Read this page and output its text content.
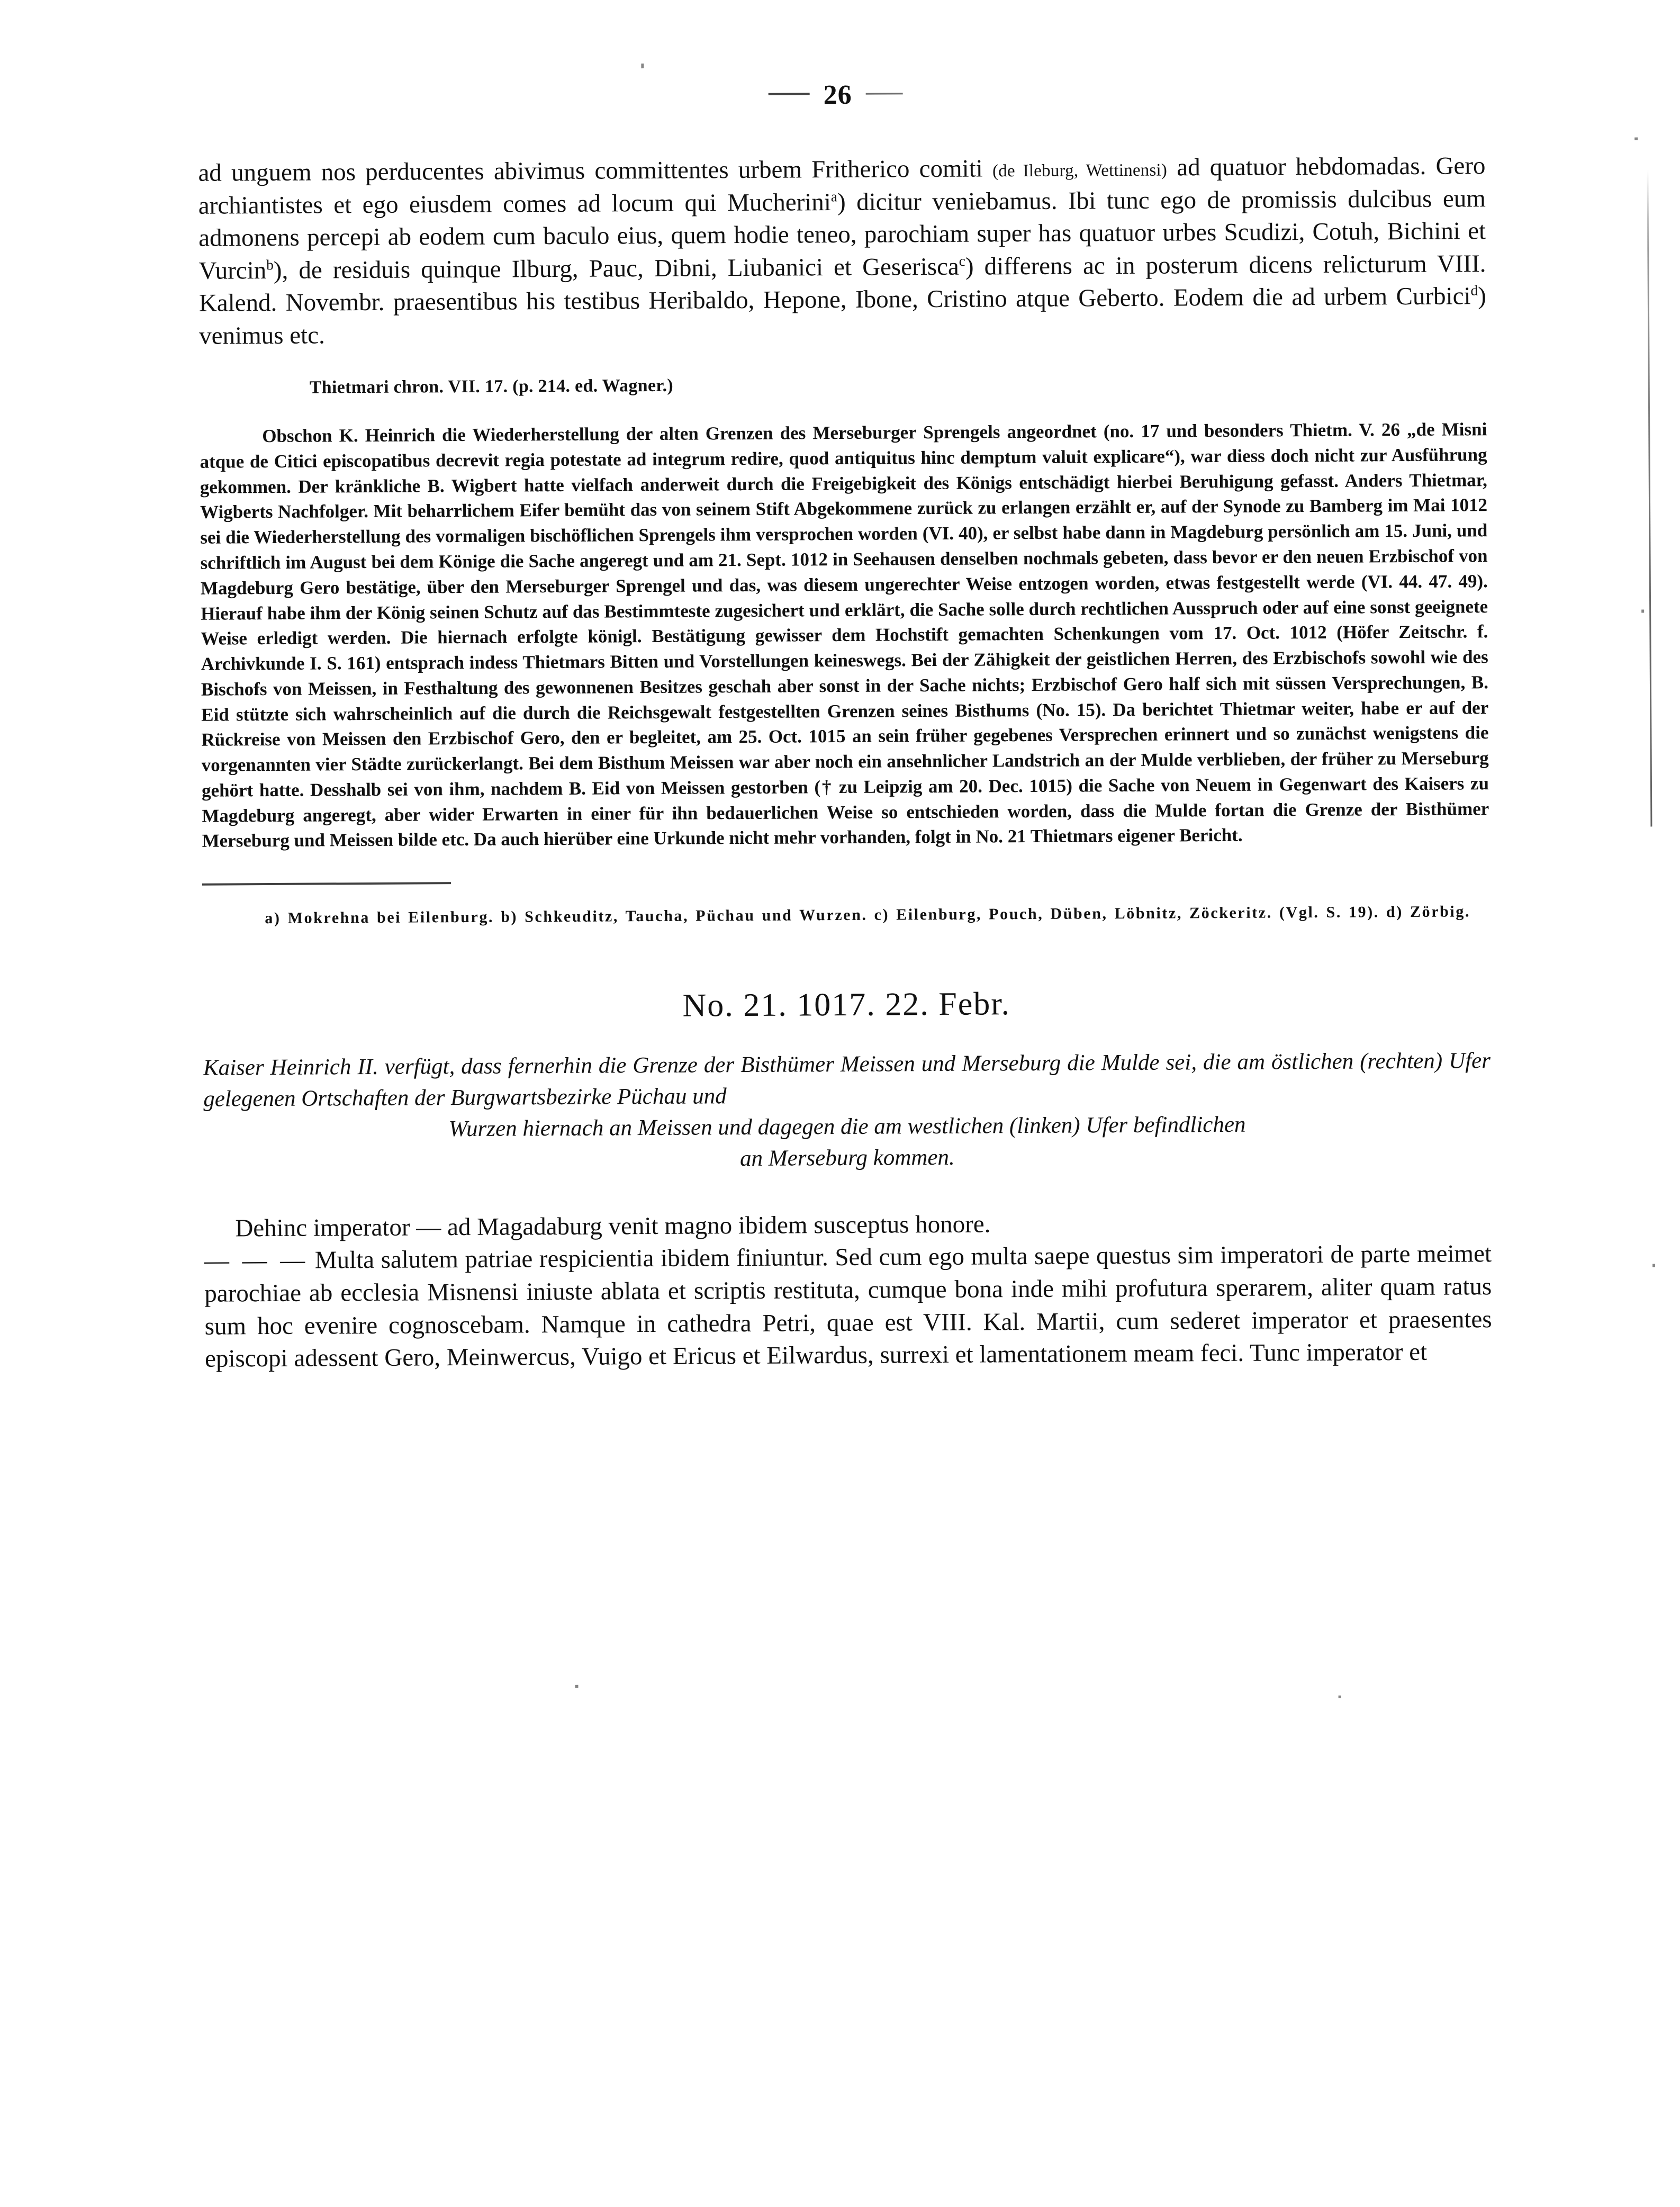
26

ad unguem nos perducentes abivimus committentes urbem Fritherico comiti (de Ileburg, Wettinensi) ad quatuor hebdomadas. Gero archiantistes et ego eiusdem comes ad locum qui Mucherini$^a$) dicitur veniebamus. Ibi tunc ego de promissis dulcibus eum admonens percepi ab eodem cum baculo eius, quem hodie teneo, parochiam super has quatuor urbes Scudizi, Cotuh, Bichini et Vurcin$^b$), de residuis quinque Ilburg, Pauc, Dibni, Liubanici et Geserisca$^c$) differens ac in posterum dicens relicturum VIII. Kalend. Novembr. praesentibus his testibus Heribaldo, Hepone, Ibone, Cristino atque Geberto. Eodem die ad urbem Curbici$^d$) venimus etc.

Thietmari chron. VII. 17. (p. 214. ed. Wagner.)

Obschon K. Heinrich die Wiederherstellung der alten Grenzen des Merseburger Sprengels angeordnet (no. 17 und besonders Thietm. V. 26 „de Misni atque de Citici episcopatibus decrevit regia potestate ad integrum redire, quod antiquitus hinc demptum valuit explicare“), war diess doch nicht zur Ausführung gekommen. Der kränkliche B. Wigbert hatte vielfach anderweit durch die Freigebigkeit des Königs entschädigt hierbei Beruhigung gefasst. Anders Thietmar, Wigberts Nachfolger. Mit beharrlichem Eifer bemüht das von seinem Stift Abgekommene zurück zu erlangen erzählt er, auf der Synode zu Bamberg im Mai 1012 sei die Wiederherstellung des vormaligen bischöflichen Sprengels ihm versprochen worden (VI. 40), er selbst habe dann in Magdeburg persönlich am 15. Juni, und schriftlich im August bei dem Könige die Sache angeregt und am 21. Sept. 1012 in Seehausen denselben nochmals gebeten, dass bevor er den neuen Erzbischof von Magdeburg Gero bestätige, über den Merseburger Sprengel und das, was diesem ungerechter Weise entzogen worden, etwas festgestellt werde (VI. 44. 47. 49). Hierauf habe ihm der König seinen Schutz auf das Bestimmteste zugesichert und erklärt, die Sache solle durch rechtlichen Ausspruch oder auf eine sonst geeignete Weise erledigt werden. Die hiernach erfolgte königl. Bestätigung gewisser dem Hochstift gemachten Schenkungen vom 17. Oct. 1012 (Höfer Zeitschr. f. Archivkunde I. S. 161) entsprach indess Thietmars Bitten und Vorstellungen keineswegs. Bei der Zähigkeit der geistlichen Herren, des Erzbischofs sowohl wie des Bischofs von Meissen, in Festhaltung des gewonnenen Besitzes geschah aber sonst in der Sache nichts; Erzbischof Gero half sich mit süssen Versprechungen, B. Eid stützte sich wahrscheinlich auf die durch die Reichsgewalt festgestellten Grenzen seines Bisthums (No. 15). Da berichtet Thietmar weiter, habe er auf der Rückreise von Meissen den Erzbischof Gero, den er begleitet, am 25. Oct. 1015 an sein früher gegebenes Versprechen erinnert und so zunächst wenigstens die vorgenannten vier Städte zurückerlangt. Bei dem Bisthum Meissen war aber noch ein ansehnlicher Landstrich an der Mulde verblieben, der früher zu Merseburg gehört hatte. Desshalb sei von ihm, nachdem B. Eid von Meissen gestorben († zu Leipzig am 20. Dec. 1015) die Sache von Neuem in Gegenwart des Kaisers zu Magdeburg angeregt, aber wider Erwarten in einer für ihn bedauerlichen Weise so entschieden worden, dass die Mulde fortan die Grenze der Bisthümer Merseburg und Meissen bilde etc. Da auch hierüber eine Urkunde nicht mehr vorhanden, folgt in No. 21 Thietmars eigener Bericht.

a) Mokrehna bei Eilenburg. b) Schkeuditz, Taucha, Püchau und Wurzen. c) Eilenburg, Pouch, Düben, Löbnitz, Zöckeritz. (Vgl. S. 19). d) Zörbig.

No. 21. 1017. 22. Febr.
Kaiser Heinrich II. verfügt, dass fernerhin die Grenze der Bisthümer Meissen und Merseburg die Mulde sei, die am östlichen (rechten) Ufer gelegenen Ortschaften der Burgwartsbezirke Püchau und
Wurzen hiernach an Meissen und dagegen die am westlichen (linken) Ufer befindlichen
an Merseburg kommen.

Dehinc imperator — ad Magadaburg venit magno ibidem susceptus honore.
— — — Multa salutem patriae respicientia ibidem finiuntur. Sed cum ego multa saepe questus sim imperatori de parte meimet parochiae ab ecclesia Misnensi iniuste ablata et scriptis restituta, cumque bona inde mihi profutura sperarem, aliter quam ratus sum hoc evenire cognoscebam. Namque in cathedra Petri, quae est VIII. Kal. Martii, cum sederet imperator et praesentes episcopi adessent Gero, Meinwercus, Vuigo et Ericus et Eilwardus, surrexi et lamentationem meam feci. Tunc imperator et
